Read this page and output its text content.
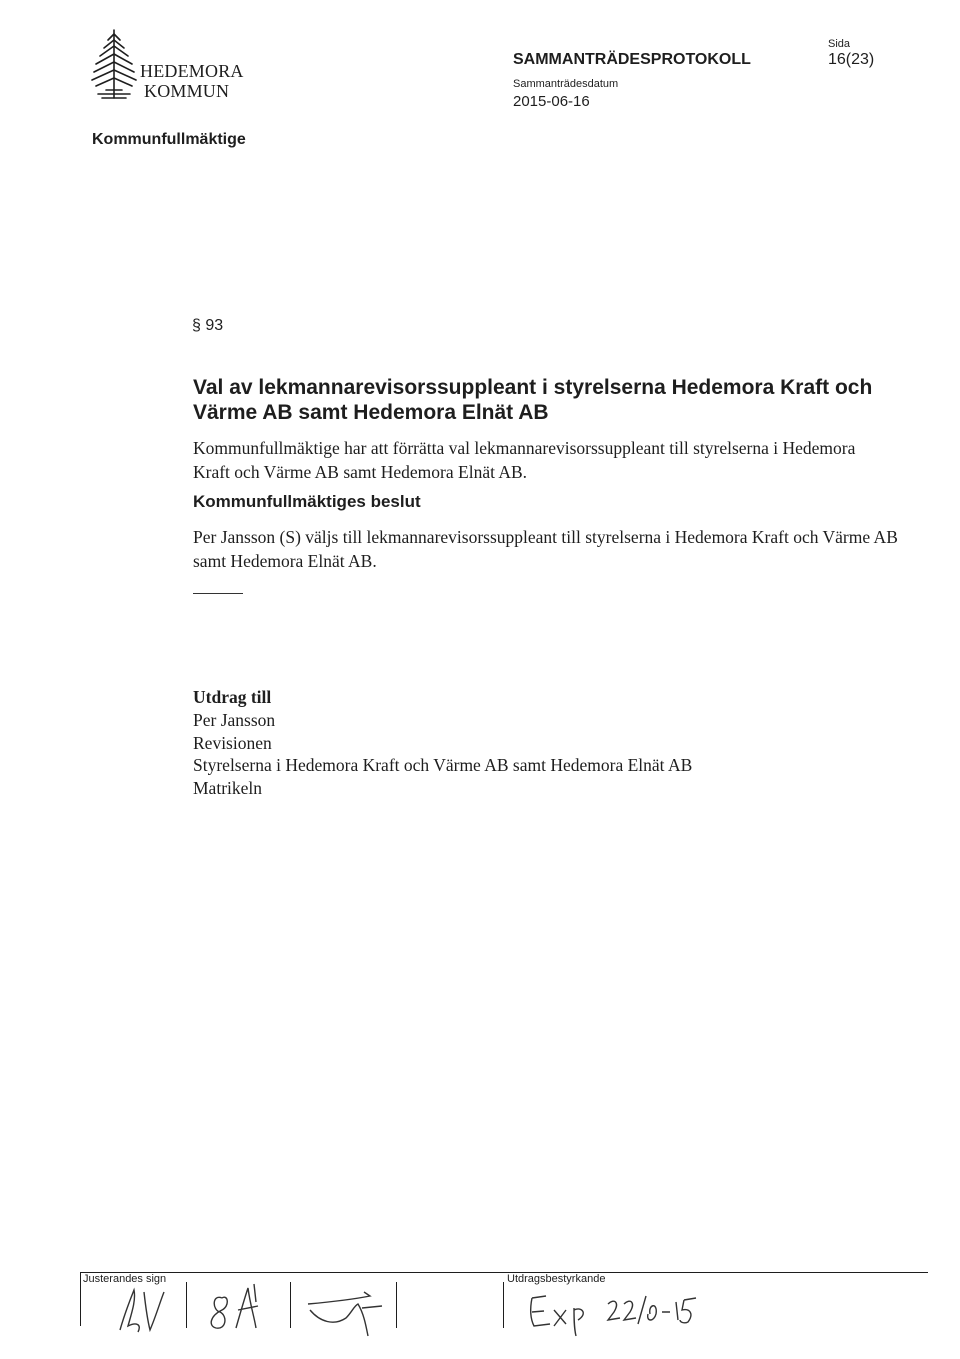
HEDEMORA
KOMMUN
SAMMANTRÄDESPROTOKOLL
Sammanträdesdatum
2015-06-16
Sida
16(23)
Kommunfullmäktige
§ 93
Val av lekmannarevisorssuppleant i styrelserna Hedemora Kraft och Värme AB samt Hedemora Elnät AB
Kommunfullmäktige har att förrätta val lekmannarevisorssuppleant till styrelserna i Hedemora Kraft och Värme AB samt Hedemora Elnät AB.
Kommunfullmäktiges beslut
Per Jansson (S) väljs till lekmannarevisorssuppleant till styrelserna i Hedemora Kraft och Värme AB samt Hedemora Elnät AB.
Utdrag till
Per Jansson
Revisionen
Styrelserna i Hedemora Kraft och Värme AB samt Hedemora Elnät AB
Matrikeln
Justerandes sign	Utdragsbestyrkande
